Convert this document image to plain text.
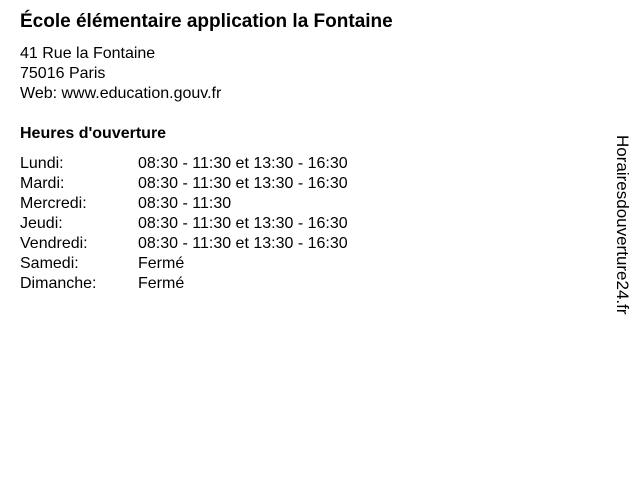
École élémentaire application la Fontaine
41 Rue la Fontaine
75016 Paris
Web: www.education.gouv.fr
Heures d'ouverture
Lundi:	08:30 - 11:30 et 13:30 - 16:30
Mardi:	08:30 - 11:30 et 13:30 - 16:30
Mercredi:	08:30 - 11:30
Jeudi:	08:30 - 11:30 et 13:30 - 16:30
Vendredi:	08:30 - 11:30 et 13:30 - 16:30
Samedi:	Fermé
Dimanche:	Fermé	Horairesdouverture24.fr
